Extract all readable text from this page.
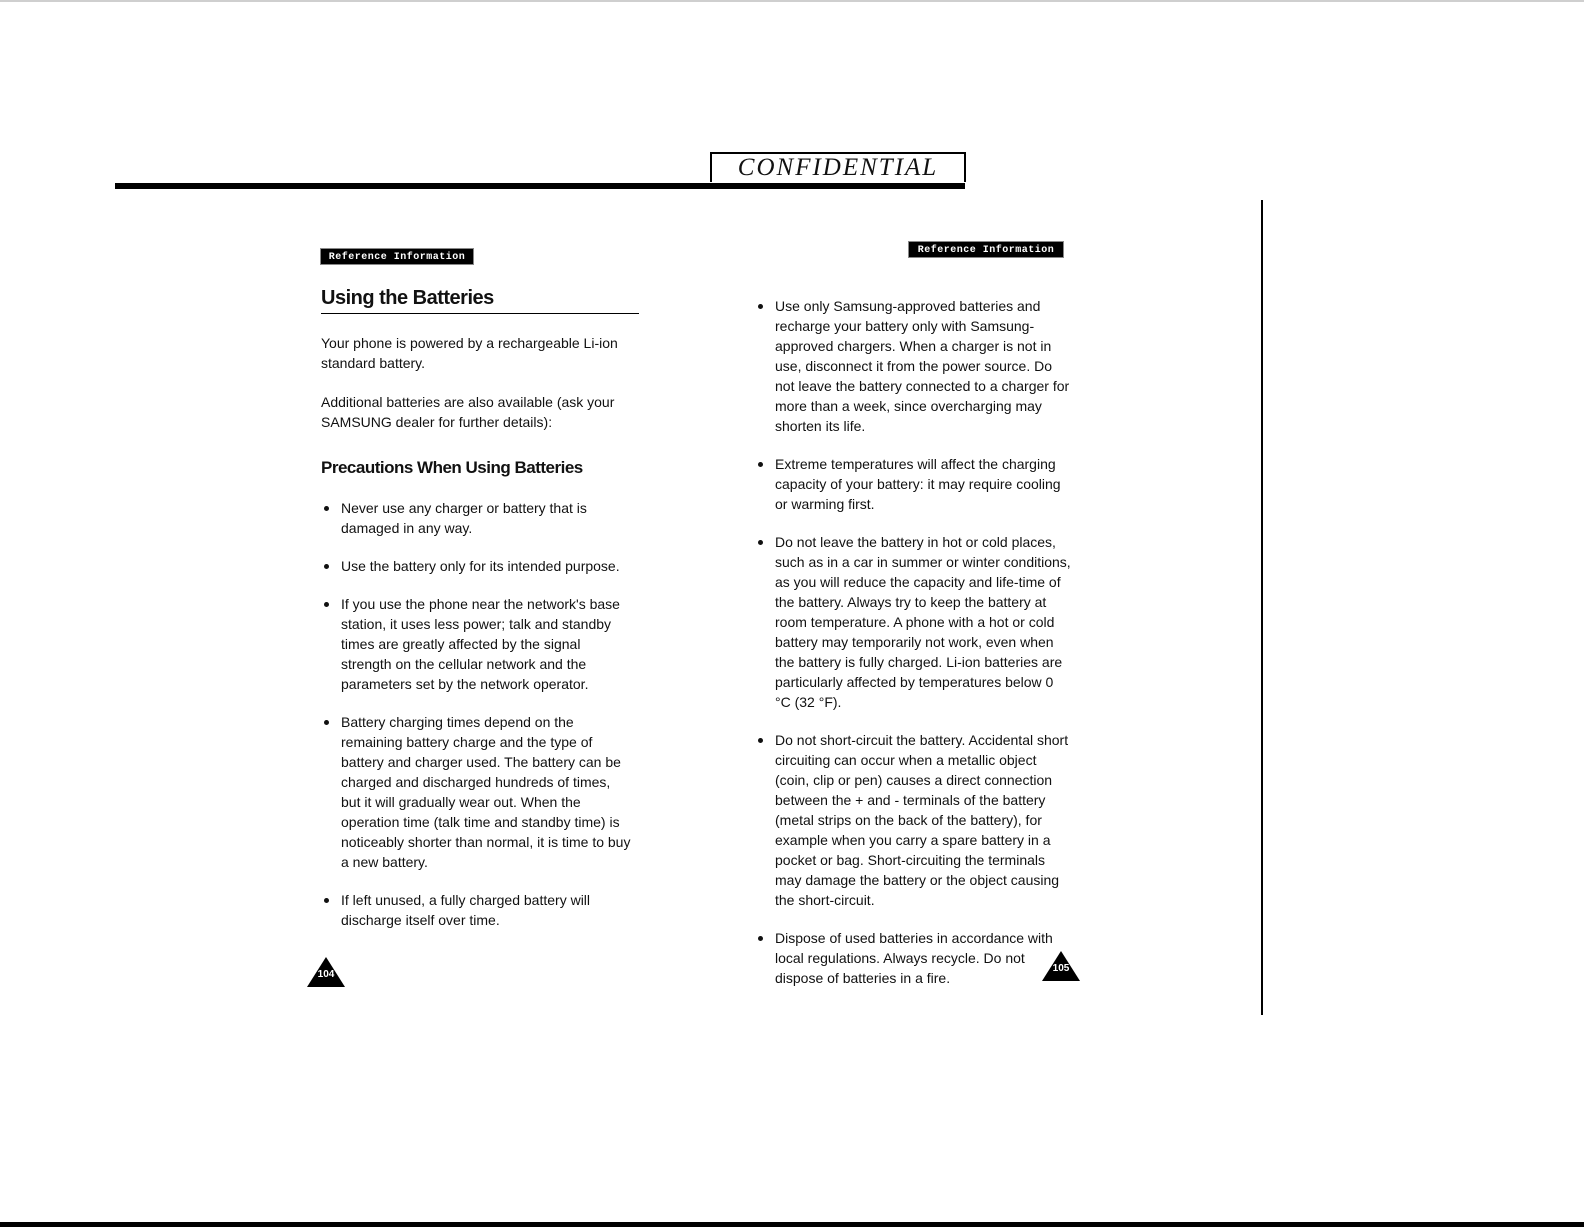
CONFIDENTIAL
Reference Information
Reference Information
Using the Batteries
Your phone is powered by a rechargeable Li-ion standard battery.
Additional batteries are also available (ask your SAMSUNG dealer for further details):
Precautions When Using Batteries
Never use any charger or battery that is damaged in any way.
Use the battery only for its intended purpose.
If you use the phone near the network's base station, it uses less power; talk and standby times are greatly affected by the signal strength on the cellular network and the parameters set by the network operator.
Battery charging times depend on the remaining battery charge and the type of battery and charger used. The battery can be charged and discharged hundreds of times, but it will gradually wear out. When the operation time (talk time and standby time) is noticeably shorter than normal, it is time to buy a new battery.
If left unused, a fully charged battery will discharge itself over time.
Use only Samsung-approved batteries and recharge your battery only with Samsung-approved chargers. When a charger is not in use, disconnect it from the power source. Do not leave the battery connected to a charger for more than a week, since overcharging may shorten its life.
Extreme temperatures will affect the charging capacity of your battery: it may require cooling or warming first.
Do not leave the battery in hot or cold places, such as in a car in summer or winter conditions, as you will reduce the capacity and life-time of the battery. Always try to keep the battery at room temperature. A phone with a hot or cold battery may temporarily not work, even when the battery is fully charged. Li-ion batteries are particularly affected by temperatures below 0 °C (32 °F).
Do not short-circuit the battery. Accidental short circuiting can occur when a metallic object (coin, clip or pen) causes a direct connection between the + and - terminals of the battery (metal strips on the back of the battery), for example when you carry a spare battery in a pocket or bag. Short-circuiting the terminals may damage the battery or the object causing the short-circuit.
Dispose of used batteries in accordance with local regulations. Always recycle. Do not dispose of batteries in a fire.
104
105
